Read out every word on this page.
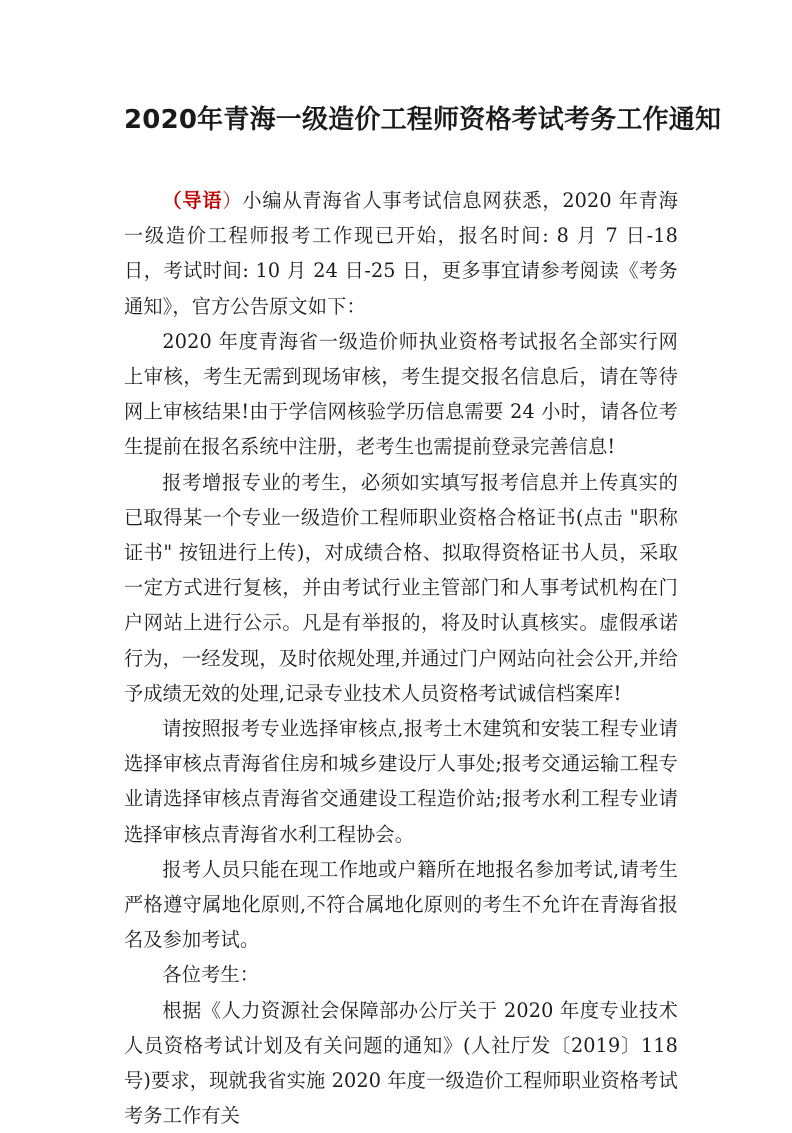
2020年青海一级造价工程师资格考试考务工作通知

（导语）小编从青海省人事考试信息网获悉，2020 年青海一级造价工程师报考工作现已开始，报名时间: 8 月 7 日-18 日，考试时间: 10 月 24 日-25 日，更多事宜请参考阅读《考务通知》，官方公告原文如下：

2020 年度青海省一级造价师执业资格考试报名全部实行网上审核，考生无需到现场审核，考生提交报名信息后，请在等待网上审核结果!由于学信网核验学历信息需要 24 小时，请各位考生提前在报名系统中注册，老考生也需提前登录完善信息!

报考增报专业的考生，必须如实填写报考信息并上传真实的已取得某一个专业一级造价工程师职业资格合格证书(点击 "职称证书" 按钮进行上传)，对成绩合格、拟取得资格证书人员，采取一定方式进行复核，并由考试行业主管部门和人事考试机构在门户网站上进行公示。凡是有举报的，将及时认真核实。虚假承诺行为，一经发现，及时依规处理,并通过门户网站向社会公开,并给予成绩无效的处理,记录专业技术人员资格考试诚信档案库!

请按照报考专业选择审核点,报考土木建筑和安装工程专业请选择审核点青海省住房和城乡建设厅人事处;报考交通运输工程专业请选择审核点青海省交通建设工程造价站;报考水利工程专业请选择审核点青海省水利工程协会。

报考人员只能在现工作地或户籍所在地报名参加考试,请考生严格遵守属地化原则,不符合属地化原则的考生不允许在青海省报名及参加考试。

各位考生：

根据《人力资源社会保障部办公厅关于 2020 年度专业技术人员资格考试计划及有关问题的通知》(人社厅发〔2019〕118 号)要求，现就我省实施 2020 年度一级造价工程师职业资格考试考务工作有关
